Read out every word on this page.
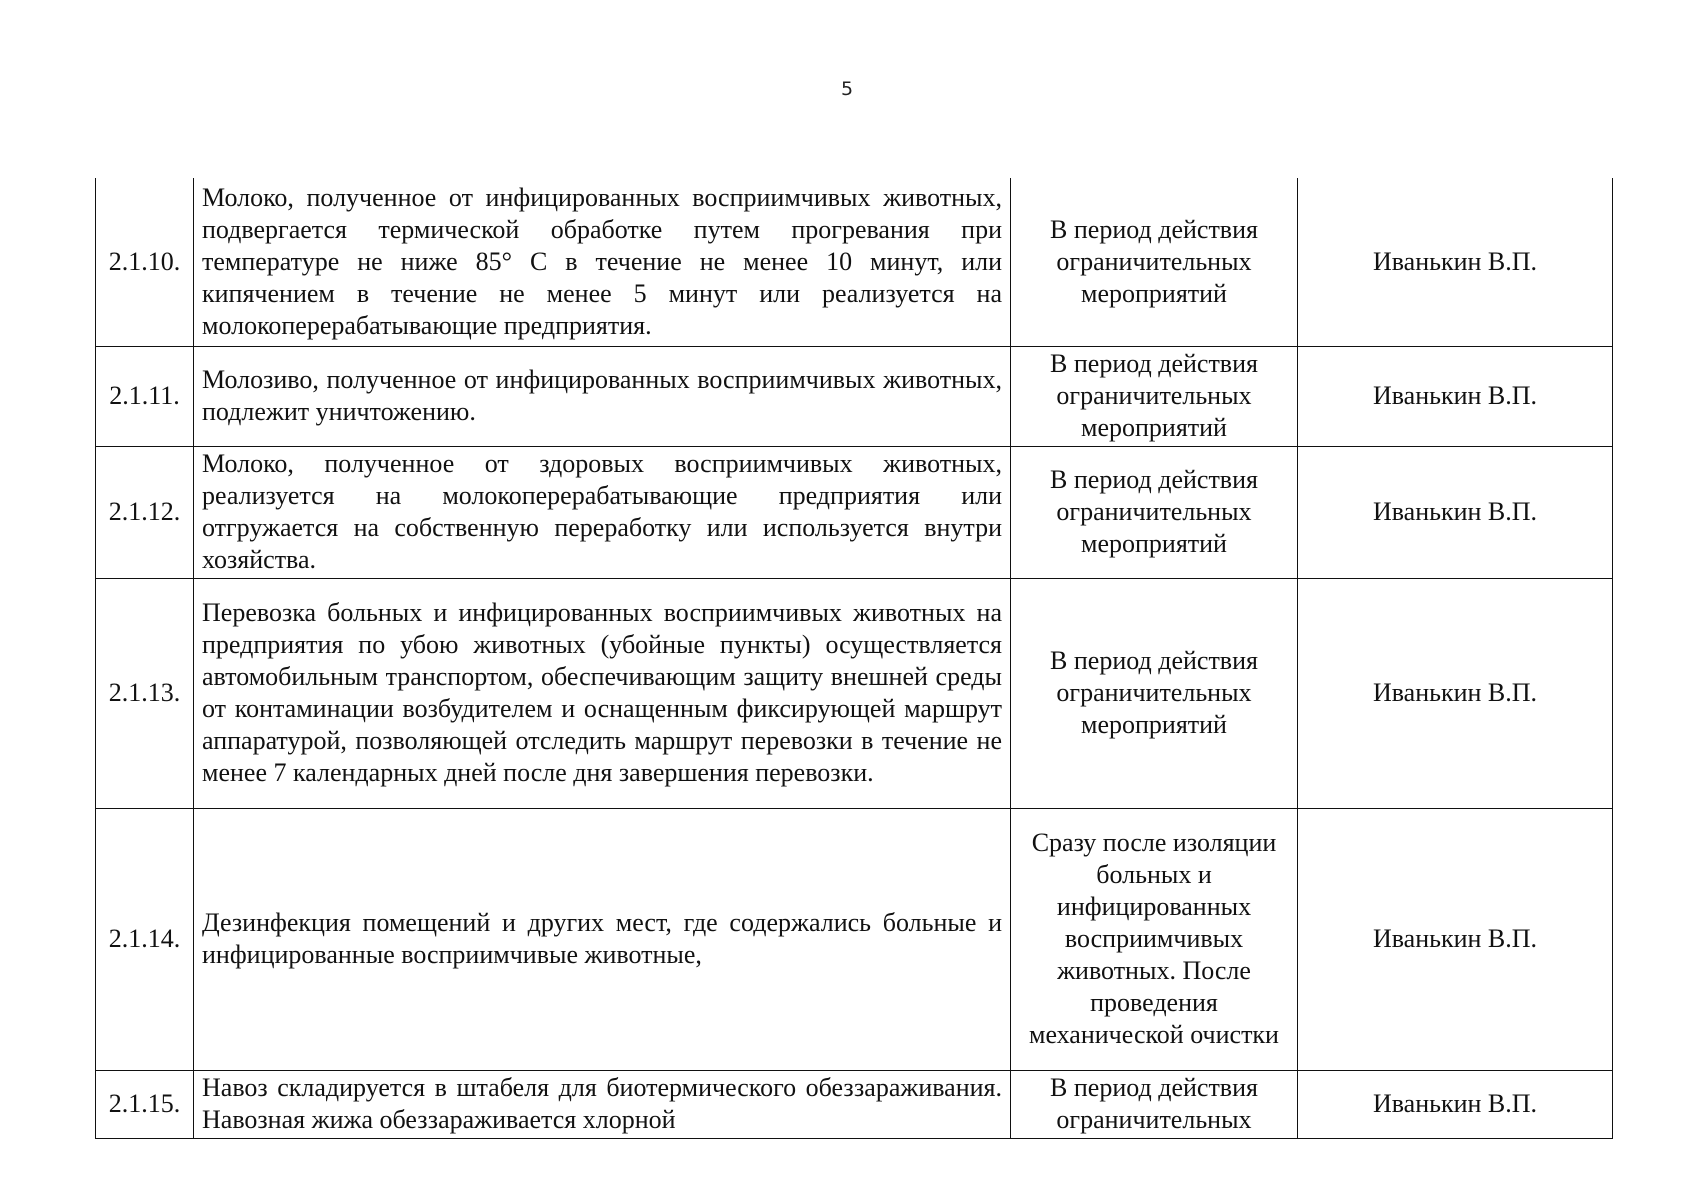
5
2.1.10.	Молоко, полученное от инфицированных восприимчивых животных, подвергается термической обработке путем прогревания при температуре не ниже 85° С в течение не менее 10 минут, или кипячением в течение не менее 5 минут или реализуется на молокоперерабатывающие предприятия.	В период действия ограничительных мероприятий	Иванькин В.П.
2.1.11.	Молозиво, полученное от инфицированных восприимчивых животных, подлежит уничтожению.	В период действия ограничительных мероприятий	Иванькин В.П.
2.1.12.	Молоко, полученное от здоровых восприимчивых животных, реализуется на молокоперерабатывающие предприятия или отгружается на собственную переработку или используется внутри хозяйства.	В период действия ограничительных мероприятий	Иванькин В.П.
2.1.13.	Перевозка больных и инфицированных восприимчивых животных на предприятия по убою животных (убойные пункты) осуществляется автомобильным транспортом, обеспечивающим защиту внешней среды от контаминации возбудителем и оснащенным фиксирующей маршрут аппаратурой, позволяющей отследить маршрут перевозки в течение не менее 7 календарных дней после дня завершения перевозки.	В период действия ограничительных мероприятий	Иванькин В.П.
2.1.14.	Дезинфекция помещений и других мест, где содержались больные и инфицированные восприимчивые животные,	Сразу после изоляции больных и инфицированных восприимчивых животных. После проведения механической очистки	Иванькин В.П.
2.1.15.	Навоз складируется в штабеля для биотермического обеззараживания. Навозная жижа обеззараживается хлорной	В период действия ограничительных	Иванькин В.П.
